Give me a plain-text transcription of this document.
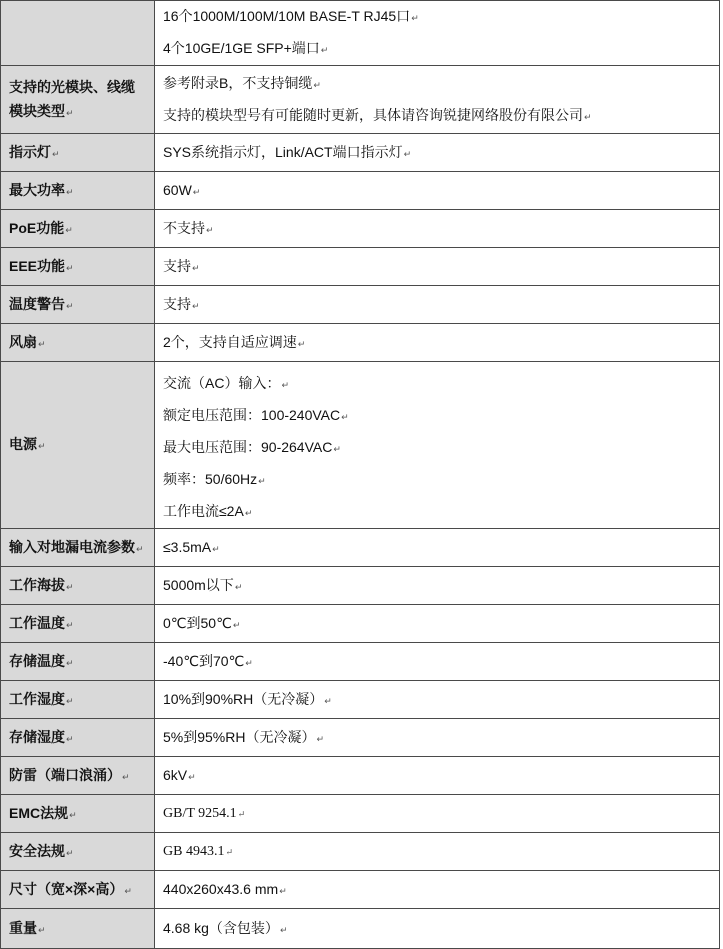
	16个1000M/100M/10M BASE-T RJ45口↵
4个10GE/1GE SFP+端口↵

支持的光模块、线缆模块类型↵	参考附录B，不支持铜缆↵
支持的模块型号有可能随时更新，具体请咨询锐捷网络股份有限公司↵

指示灯↵	SYS系统指示灯，Link/ACT端口指示灯↵

最大功率↵	60W↵

PoE功能↵	不支持↵

EEE功能↵	支持↵

温度警告↵	支持↵

风扇↵	2个，支持自适应调速↵

电源↵	交流（AC）输入：↵
额定电压范围：100-240VAC↵
最大电压范围：90-264VAC↵
频率：50/60Hz↵
工作电流≤2A↵

输入对地漏电流参数↵	≤3.5mA↵

工作海拔↵	5000m以下↵

工作温度↵	0℃到50℃↵

存储温度↵	-40℃到70℃↵

工作湿度↵	10%到90%RH（无冷凝）↵

存储湿度↵	5%到95%RH（无冷凝）↵

防雷（端口浪涌）↵	6kV↵

EMC法规↵	GB/T 9254.1↵

安全法规↵	GB 4943.1↵

尺寸（宽×深×高）↵	440x260x43.6 mm↵

重量↵	4.68 kg（含包装）↵
